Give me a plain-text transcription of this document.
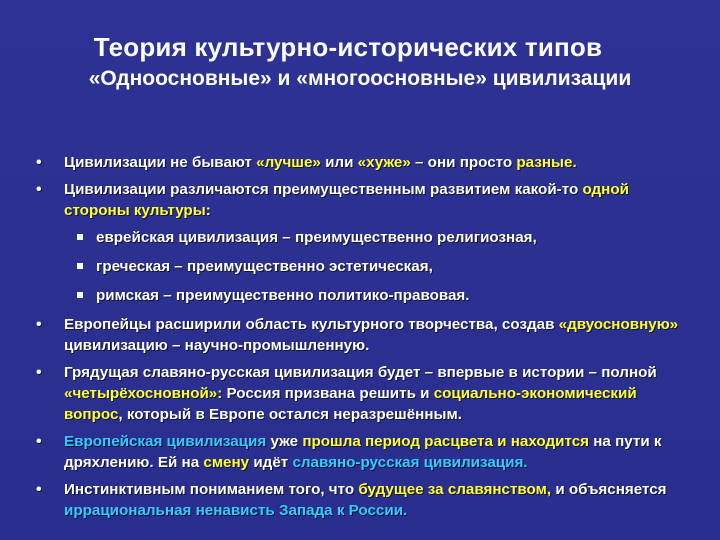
Теория культурно-исторических типов
«Одноосновные» и «многоосновные» цивилизации
• Цивилизации не бывают «лучше» или «хуже» – они просто разные.
• Цивилизации различаются преимущественным развитием какой-то одной стороны культуры:
еврейская цивилизация – преимущественно религиозная,
греческая – преимущественно эстетическая,
римская – преимущественно политико-правовая.
• Европейцы расширили область культурного творчества, создав «двуосновную» цивилизацию – научно-промышленную.
• Грядущая славяно-русская цивилизация будет – впервые в истории – полной «четырёхосновной»: Россия призвана решить и социально-экономический вопрос, который в Европе остался неразрешённым.
• Европейская цивилизация уже прошла период расцвета и находится на пути к дряхлению. Ей на смену идёт славяно-русская цивилизация.
• Инстинктивным пониманием того, что будущее за славянством, и объясняется иррациональная ненависть Запада к России.
